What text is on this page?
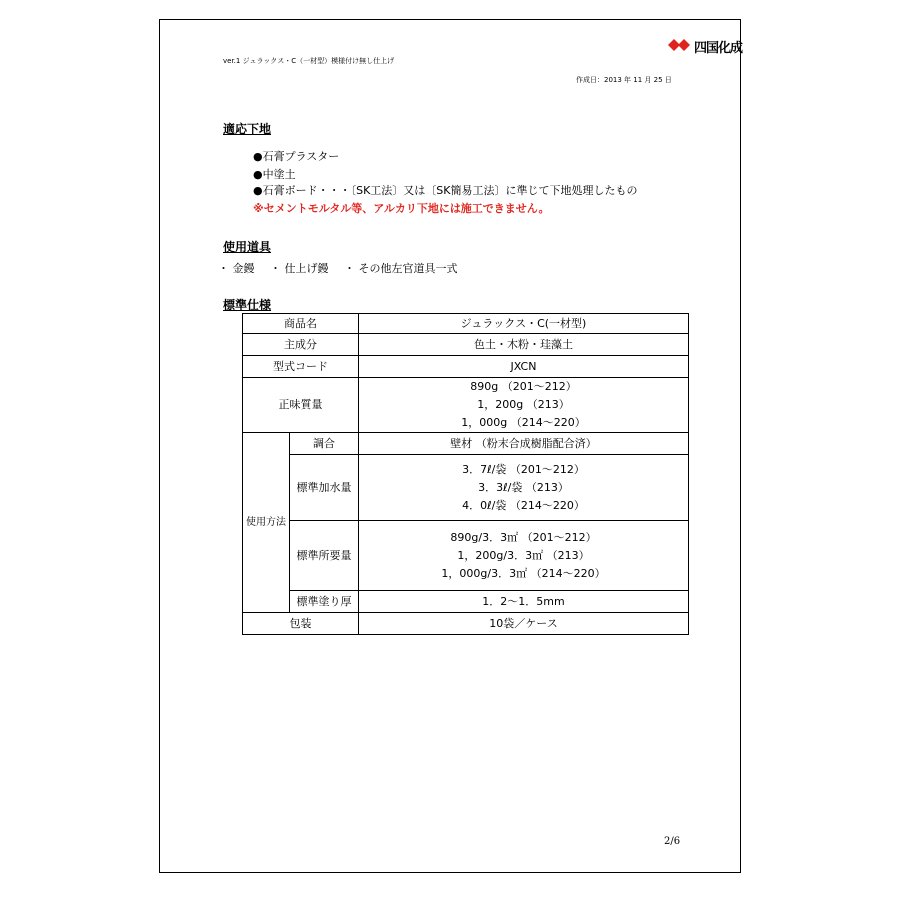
四国化成
ver.1 ジュラックス・C（一材型）模様付け無し仕上げ
作成日：2013 年 11 月 25 日
適応下地
●石膏プラスター
●中塗土
●石膏ボード・・・〔SK工法〕又は〔SK簡易工法〕に準じて下地処理したもの
※セメントモルタル等、アルカリ下地には施工できません。
使用道具
・ 金鏝 ・ 仕上げ鏝 ・ その他左官道具一式
標準仕様
商品名		ジュラックス・C(一材型)
主成分		色土・木粉・珪藻土
型式コード		JXCN
正味質量		890g （201～212）
1，200g （213）
1，000g （214～220）

使用方法	調合	壁材 （粉末合成樹脂配合済）
	標準加水量	3．7ℓ/袋 （201～212）
3．3ℓ/袋 （213）
4．0ℓ/袋 （214～220）

	標準所要量	890g/3．3㎡ （201～212）
1，200g/3．3㎡ （213）
1，000g/3．3㎡ （214～220）

	標準塗り厚	1．2～1．5mm
包装		10袋／ケース
2/6
